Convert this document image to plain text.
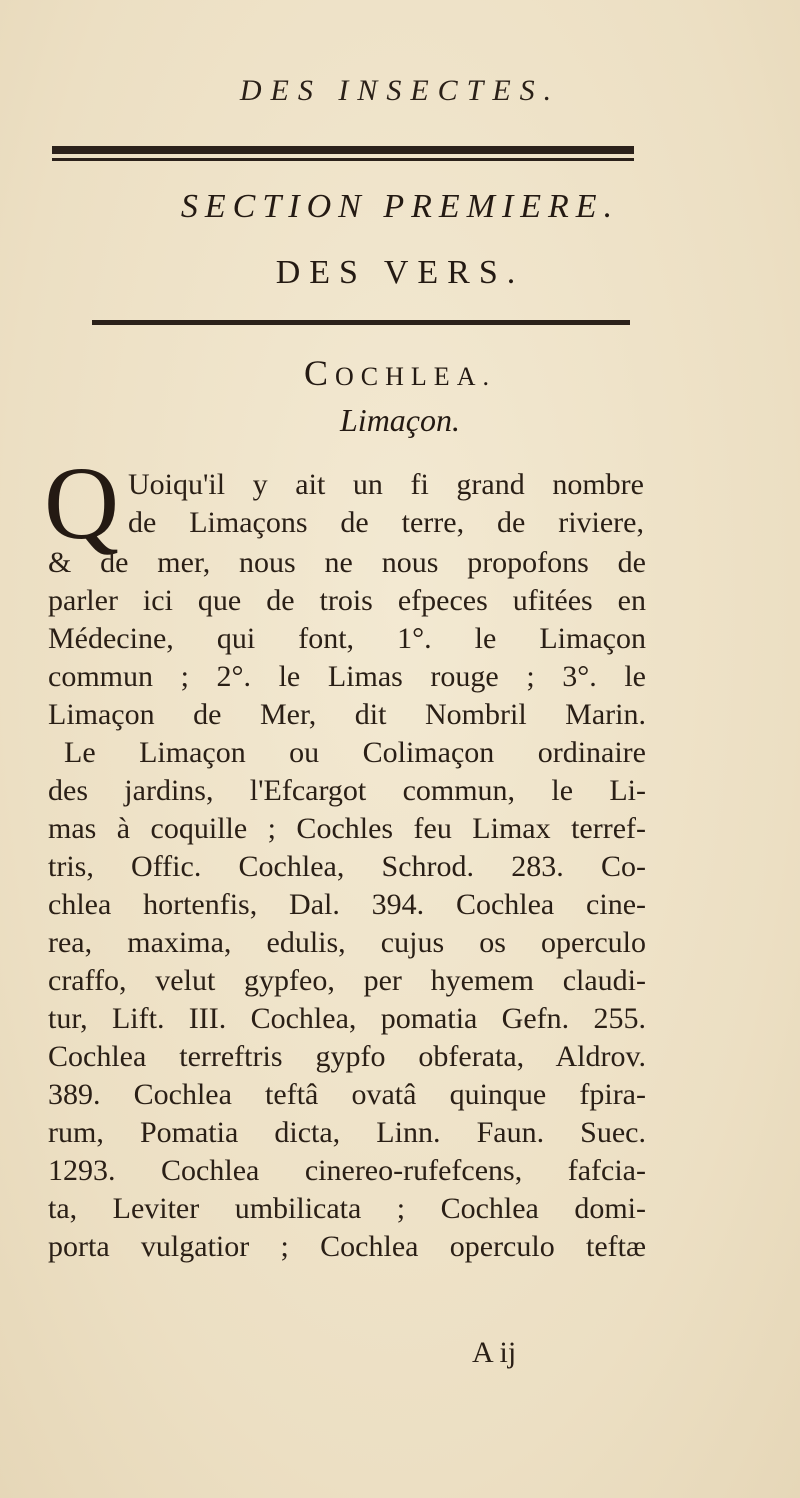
DES INSECTES.
SECTION PREMIERE.
DES VERS.
COCHLEA.
Limaçon.
Q Uoiqu'il y ait un fi grand nombre
de Limaçons de terre, de riviere,
& de mer, nous ne nous propofons de
parler ici que de trois efpeces ufitées en
Médecine, qui font, 1°. le Limaçon
commun ; 2°. le Limas rouge ; 3°. le
Limaçon de Mer, dit Nombril Marin.
Le Limaçon ou Colimaçon ordinaire
des jardins, l'Efcargot commun, le Li-
mas à coquille ; Cochles feu Limax terref-
tris, Offic. Cochlea, Schrod. 283. Co-
chlea hortenfis, Dal. 394. Cochlea cine-
rea, maxima, edulis, cujus os operculo
craffo, velut gypfeo, per hyemem claudi-
tur, Lift. III. Cochlea, pomatia Gefn. 255.
Cochlea terreftris gypfo obferata, Aldrov.
389. Cochlea teftâ ovatâ quinque fpira-
rum, Pomatia dicta, Linn. Faun. Suec.
1293. Cochlea cinereo-rufefcens, fafcia-
ta, Leviter umbilicata ; Cochlea domi-
porta vulgatior ; Cochlea operculo teftæ
A ij
